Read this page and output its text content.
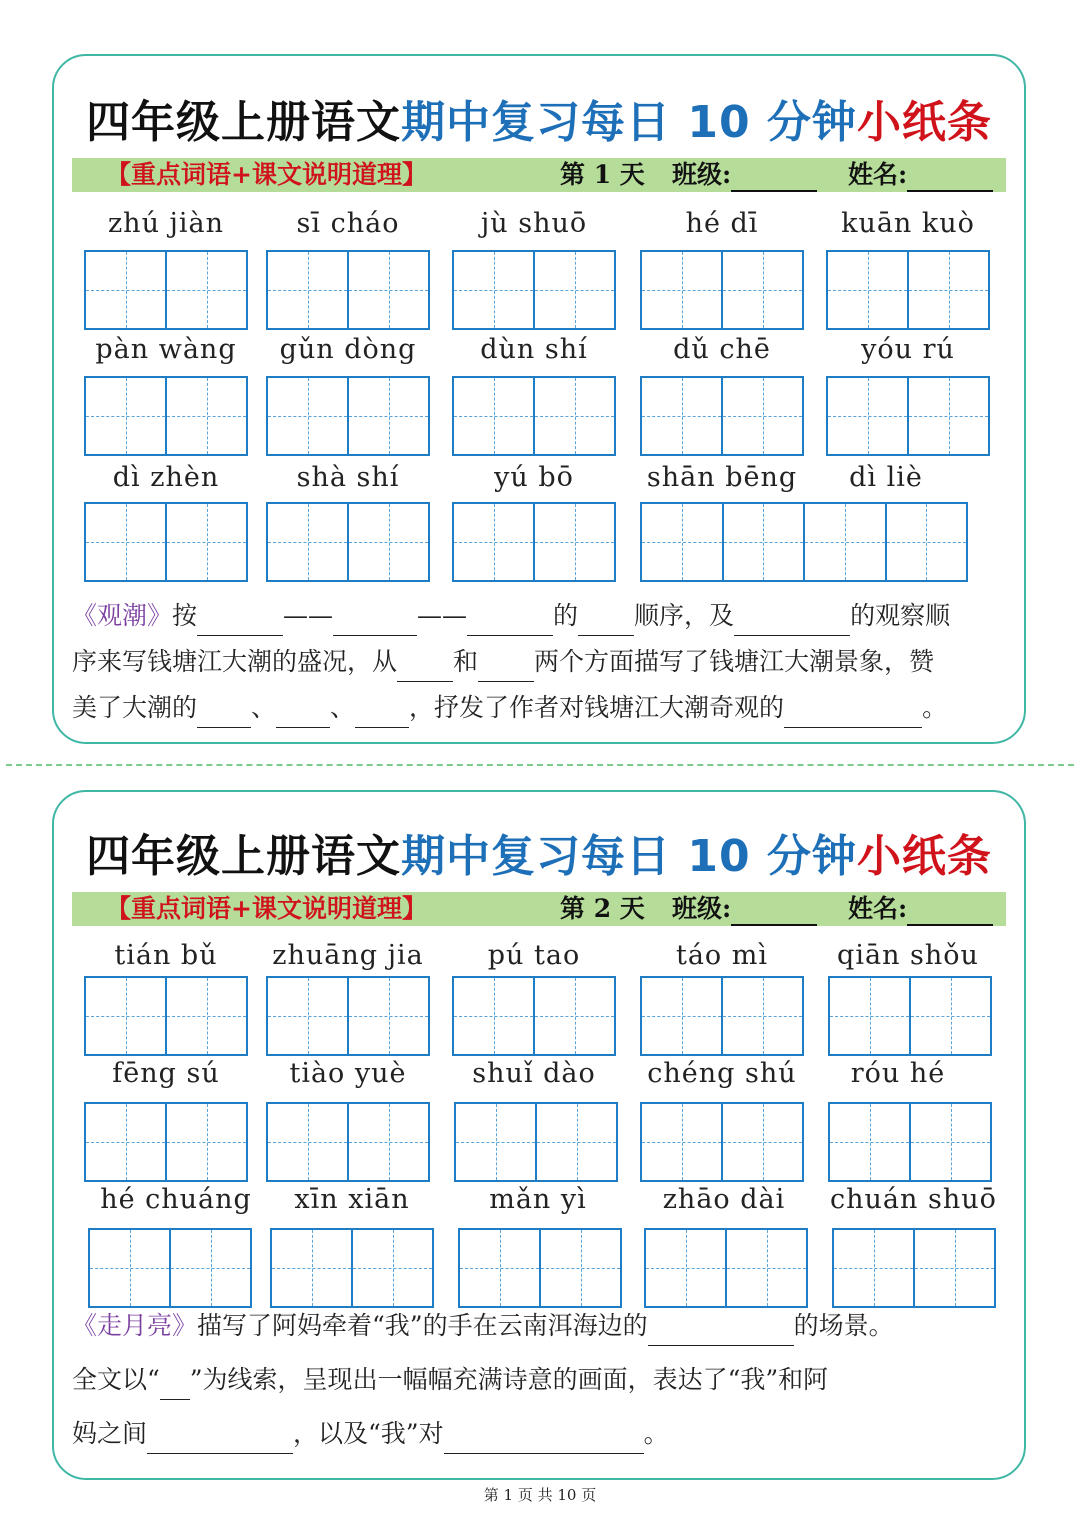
四年级上册语文期中复习每日 10 分钟小纸条
【重点词语+课文说明道理】	第 1 天 班级:	姓名:
zhú jiàn	sī cháo	jù shuō	hé dī	kuān kuò
pàn wàng	gǔn dòng	dùn shí	dǔ chē	yóu rú
dì zhèn	shà shí	yú bō	shān bēng	dì liè
《观潮》按	——	——	的 顺序，及	的观察顺
序来写钱塘江大潮的盛况，从 和 两个方面描写了钱塘江大潮景象，赞
美了大潮的 、 、 ，抒发了作者对钱塘江大潮奇观的	。
四年级上册语文期中复习每日 10 分钟小纸条
【重点词语+课文说明道理】	第 2 天 班级:	姓名:
tián bǔ	zhuāng jia	pú tao	táo mì	qiān shǒu
fēng sú	tiào yuè	shuǐ dào	chéng shú	róu hé
hé chuáng	xīn xiān	mǎn yì	zhāo dài	chuán shuō
《走月亮》描写了阿妈牵着“我”的手在云南洱海边的	的场景。
全文以“ ”为线索，呈现出一幅幅充满诗意的画面，表达了“我”和阿
妈之间	，以及“我”对	。
第 1 页 共 10 页
